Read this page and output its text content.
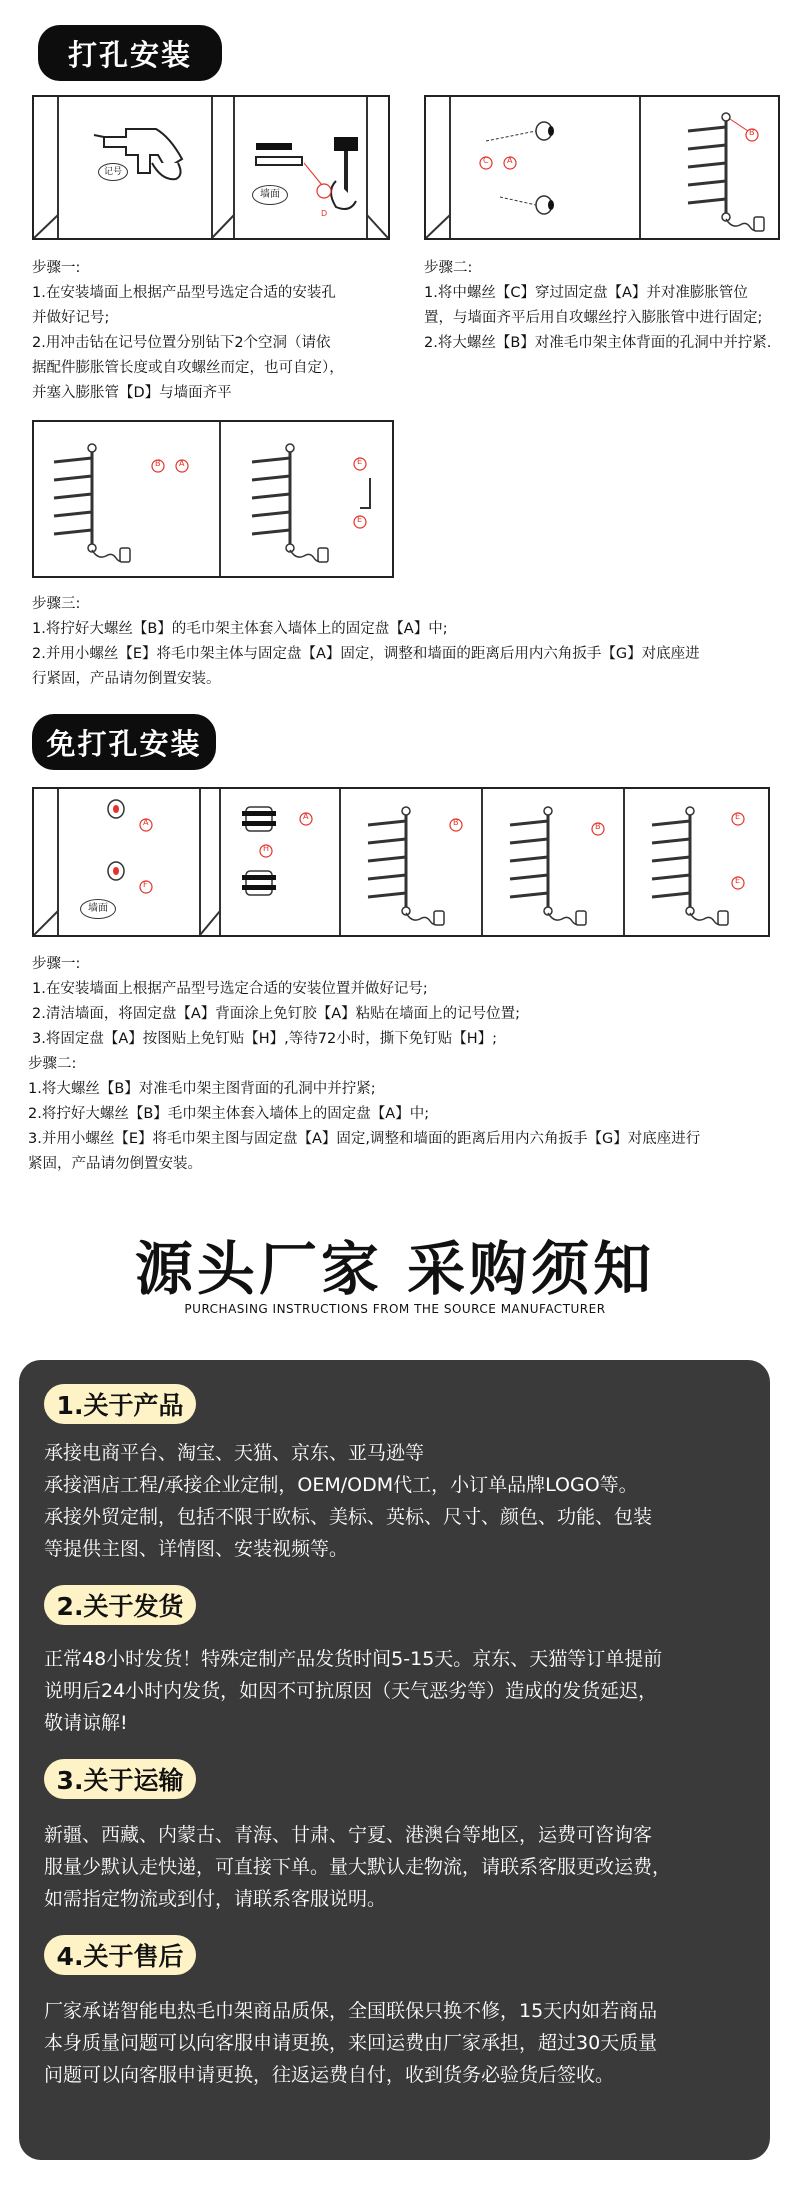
打孔安装
记号
墙面
D
C A
B
步骤一:
1.在安装墙面上根据产品型号选定合适的安装孔
并做好记号;
2.用冲击钻在记号位置分别钻下2个空洞（请依
据配件膨胀管长度或自攻螺丝而定，也可自定），
并塞入膨胀管【D】与墙面齐平
步骤二:
1.将中螺丝【C】穿过固定盘【A】并对准膨胀管位
置，与墙面齐平后用自攻螺丝拧入膨胀管中进行固定;
2.将大螺丝【B】对准毛巾架主体背面的孔洞中并拧紧.
B A	E
E
步骤三:
1.将拧好大螺丝【B】的毛巾架主体套入墙体上的固定盘【A】中;
2.并用小螺丝【E】将毛巾架主体与固定盘【A】固定，调整和墙面的距离后用内六角扳手【G】对底座进
行紧固，产品请勿倒置安装。
免打孔安装
A
F
墙面
A
H
B	B
E
E
步骤一:
1.在安装墙面上根据产品型号选定合适的安装位置并做好记号;
2.清洁墙面，将固定盘【A】背面涂上免钉胶【A】粘贴在墙面上的记号位置;
3.将固定盘【A】按图贴上免钉贴【H】,等待72小时，撕下免钉贴【H】;
步骤二:
1.将大螺丝【B】对准毛巾架主图背面的孔洞中并拧紧;
2.将拧好大螺丝【B】毛巾架主体套入墙体上的固定盘【A】中;
3.并用小螺丝【E】将毛巾架主图与固定盘【A】固定,调整和墙面的距离后用内六角扳手【G】对底座进行
紧固，产品请勿倒置安装。
源头厂家 采购须知
PURCHASING INSTRUCTIONS FROM THE SOURCE MANUFACTURER
1.关于产品
承接电商平台、淘宝、天猫、京东、亚马逊等
承接酒店工程/承接企业定制，OEM/ODM代工，小订单品牌LOGO等。
承接外贸定制，包括不限于欧标、美标、英标、尺寸、颜色、功能、包装
等提供主图、详情图、安装视频等。
2.关于发货
正常48小时发货！特殊定制产品发货时间5-15天。京东、天猫等订单提前
说明后24小时内发货，如因不可抗原因（天气恶劣等）造成的发货延迟，
敬请谅解!
3.关于运输
新疆、西藏、内蒙古、青海、甘肃、宁夏、港澳台等地区，运费可咨询客
服量少默认走快递，可直接下单。量大默认走物流，请联系客服更改运费，
如需指定物流或到付，请联系客服说明。
4.关于售后
厂家承诺智能电热毛巾架商品质保，全国联保只换不修，15天内如若商品
本身质量问题可以向客服申请更换，来回运费由厂家承担，超过30天质量
问题可以向客服申请更换，往返运费自付，收到货务必验货后签收。
